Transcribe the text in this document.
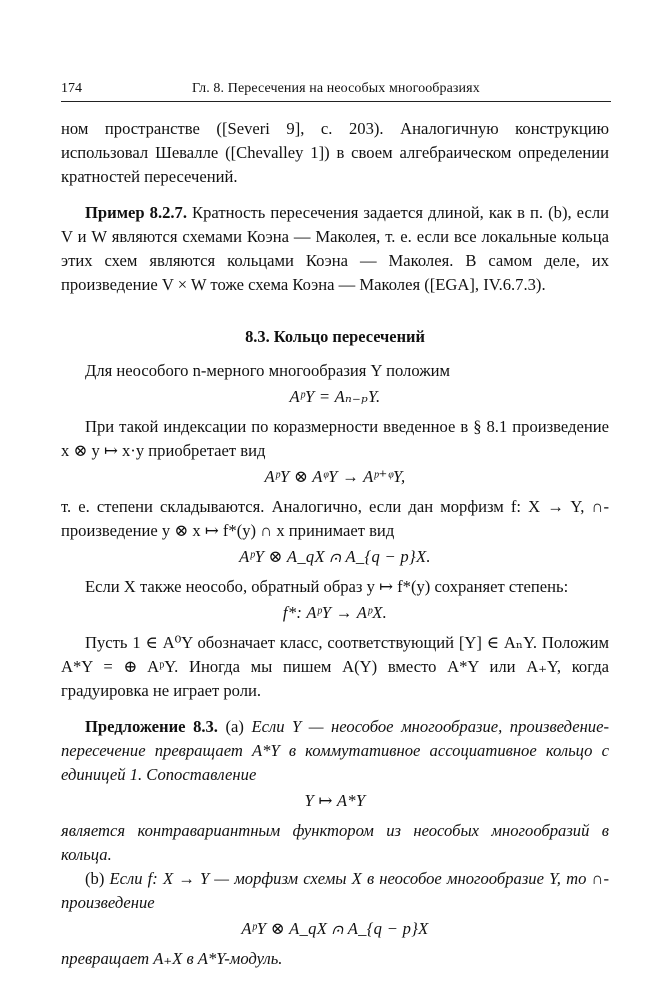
174	Гл. 8. Пересечения на неособых многообразиях

ном пространстве ([Severi 9], с. 203). Аналогичную конструкцию использовал Шевалле ([Chevalley 1]) в своем алгебраическом определении кратностей пересечений.

Пример 8.2.7. Кратность пересечения задается длиной, как в п. (b), если V и W являются схемами Коэна — Маколея, т. е. если все локальные кольца этих схем являются кольцами Коэна — Маколея. В самом деле, их произведение V × W тоже схема Коэна — Маколея ([EGA], IV.6.7.3).

8.3. Кольцо пересечений

Для неособого n-мерного многообразия Y положим

AᵖY = Aₙ₋ₚY.

При такой индексации по коразмерности введенное в § 8.1 произведение x ⊗ y ↦ x·y приобретает вид

AᵖY ⊗ AᵠY → Aᵖ⁺ᵠY,

т. е. степени складываются. Аналогично, если дан морфизм f: X → Y, ∩-произведение y ⊗ x ↦ f*(y) ∩ x принимает вид

AᵖY ⊗ A_qX ⩀ A_{q − p}X.

Если X также неособо, обратный образ y ↦ f*(y) сохраняет степень:

f*: AᵖY → AᵖX.

Пусть 1 ∈ A⁰Y обозначает класс, соответствующий [Y] ∈ AₙY. Положим A*Y = ⊕ AᵖY. Иногда мы пишем A(Y) вместо A*Y или A₊Y, когда градуировка не играет роли.

Предложение 8.3. (a) Если Y — неособое многообразие, произведение-пересечение превращает A*Y в коммутативное ассоциативное кольцо с единицей 1. Сопоставление

Y ↦ A*Y

является контравариантным функтором из неособых многообразий в кольца.

(b) Если f: X → Y — морфизм схемы X в неособое многообразие Y, то ∩-произведение

AᵖY ⊗ A_qX ⩀ A_{q − p}X

превращает A₊X в A*Y-модуль.
